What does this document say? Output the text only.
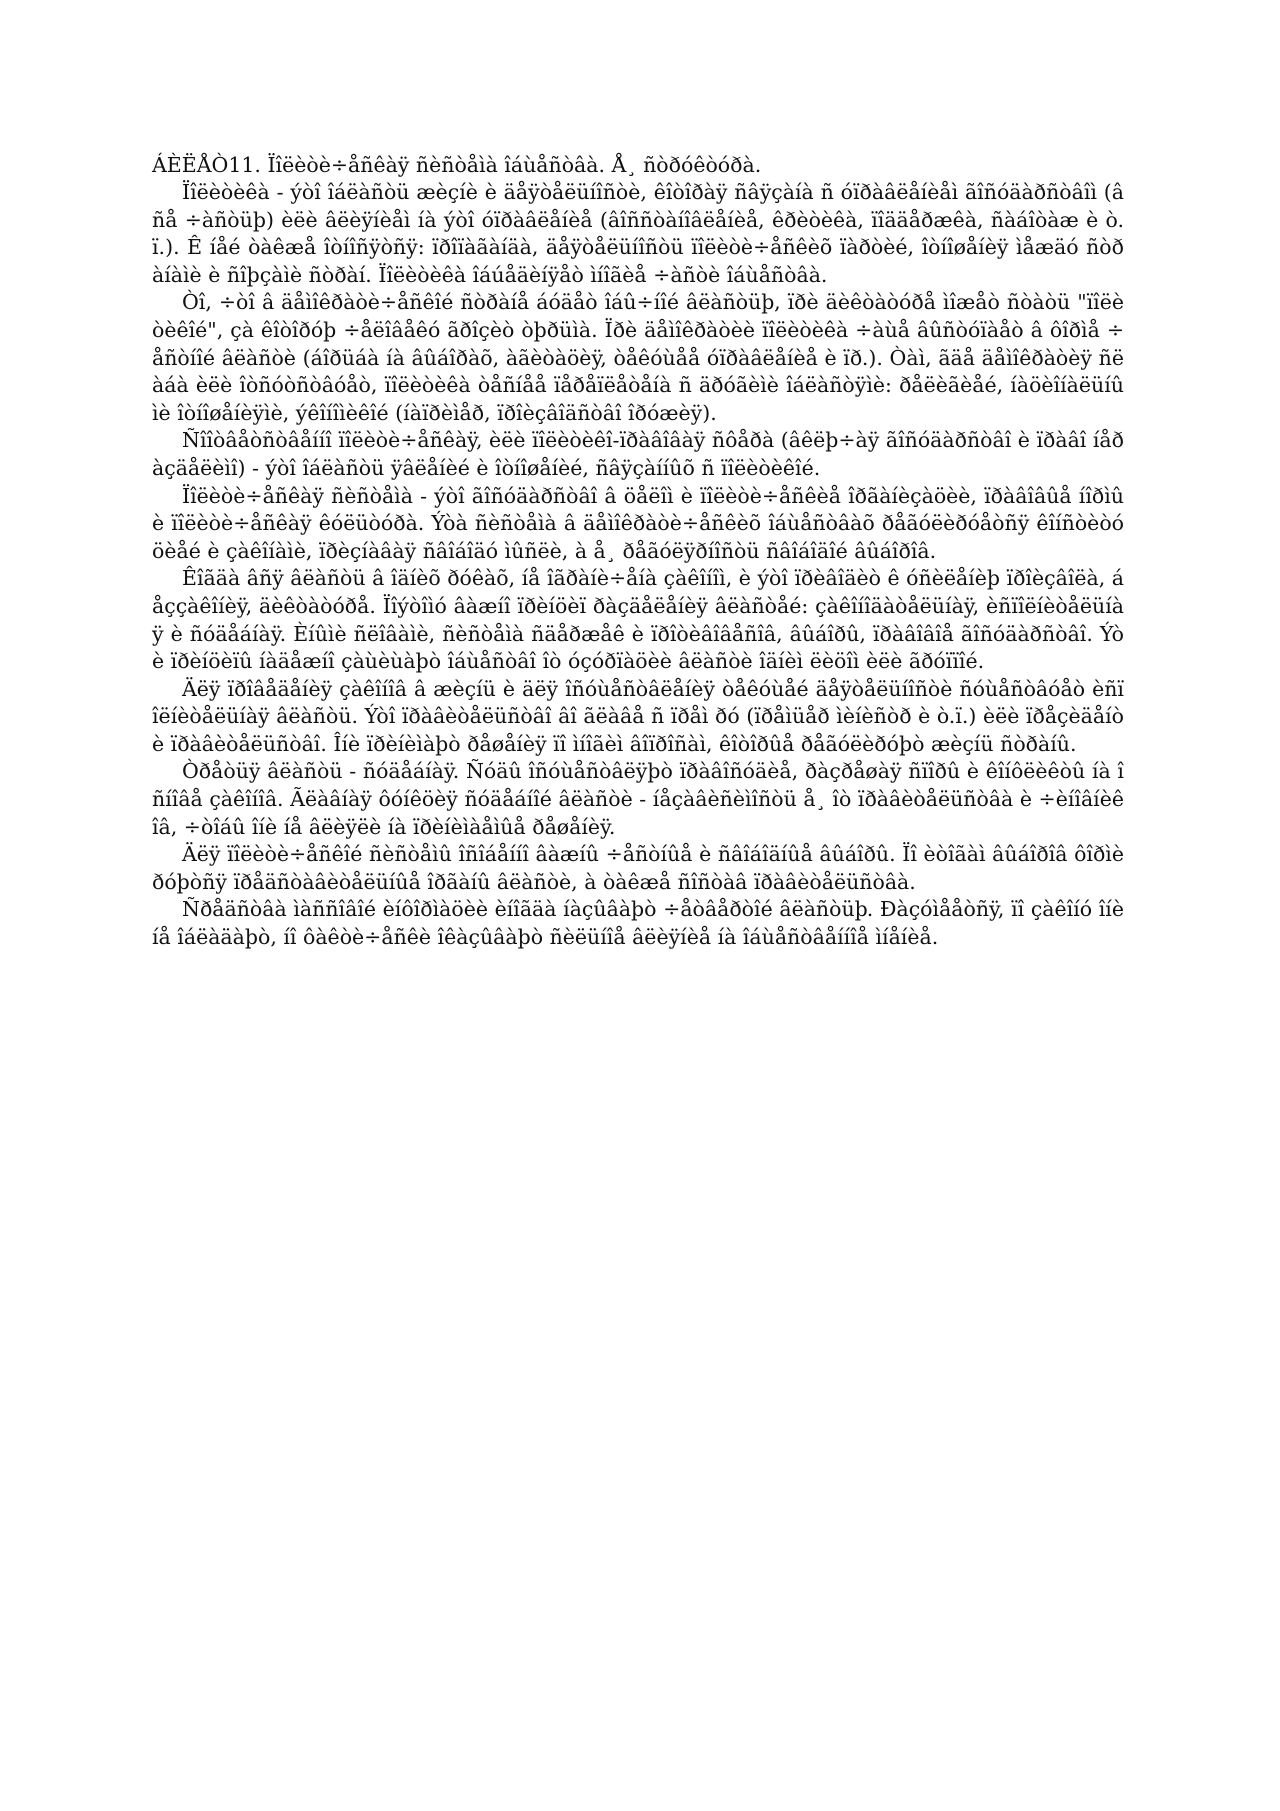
ÁÈËÅÒ11. Ïîëèòè÷åñêàÿ ñèñòåìà îáùåñòâà. Å¸ ñòðóêòóðà.

Ïîëèòèêà - ýòî îáëàñòü æèçíè è äåÿòåëüíîñòè, êîòîðàÿ ñâÿçàíà ñ óïðàâëåíèåì ãîñóäàðñòâîì (âñå ÷àñòüþ) èëè âëèÿíèåì íà ýòî óïðàâëåíèå (âîññòàíîâëåíèå, êðèòèêà, ïîääåðæêà, ñàáîòàæ è ò.ï.). Ê íåé òàêæå îòíîñÿòñÿ: ïðîïàãàíäà, äåÿòåëüíîñòü ïîëèòè÷åñêèõ ïàðòèé, îòíîøåíèÿ ìåæäó ñòðàíàìè è ñîþçàìè ñòðàí. Ïîëèòèêà îáúåäèíÿåò ìíîãèå ÷àñòè îáùåñòâà.

Òî, ÷òî â äåìîêðàòè÷åñêîé ñòðàíå áóäåò îáû÷íîé âëàñòüþ, ïðè äèêòàòóðå ìîæåò ñòàòü "ïîëèòèêîé", çà êîòîðóþ ÷åëîâåêó ãðîçèò òþðüìà. Ïðè äåìîêðàòèè ïîëèòèêà ÷àùå âûñòóïàåò â ôîðìå ÷åñòíîé âëàñòè (áîðüáà íà âûáîðàõ, àãèòàöèÿ, òåêóùåå óïðàâëåíèå è ïð.). Òàì, ãäå äåìîêðàòèÿ ñëàáà èëè îòñóòñòâóåò, ïîëèòèêà òåñíåå ïåðåïëåòåíà ñ äðóãèìè îáëàñòÿìè: ðåëèãèåé, íàöèîíàëüíûìè îòíîøåíèÿìè, ýêîíîìèêîé (íàïðèìåð, ïðîèçâîäñòâî îðóæèÿ).

Ñîîòâåòñòâåííî ïîëèòè÷åñêàÿ, èëè ïîëèòèêî-ïðàâîâàÿ ñôåðà (âêëþ÷àÿ ãîñóäàðñòâî è ïðàâî íåðàçäåëèìî) - ýòî îáëàñòü ÿâëåíèé è îòíîøåíèé, ñâÿçàííûõ ñ ïîëèòèêîé.

Ïîëèòè÷åñêàÿ ñèñòåìà - ýòî ãîñóäàðñòâî â öåëîì è ïîëèòè÷åñêèå îðãàíèçàöèè, ïðàâîâûå íîðìû è ïîëèòè÷åñêàÿ êóëüòóðà. Ýòà ñèñòåìà â äåìîêðàòè÷åñêèõ îáùåñòâàõ ðåãóëèðóåòñÿ êîíñòèòóöèåé è çàêîíàìè, ïðèçíàâàÿ ñâîáîäó ìûñëè, à å¸ ðåãóëÿðíîñòü ñâîáîäîé âûáîðîâ.

Êîãäà âñÿ âëàñòü â îäíèõ ðóêàõ, íå îãðàíè÷åíà çàêîíîì, è ýòî ïðèâîäèò ê óñèëåíèþ ïðîèçâîëà, áåççàêîíèÿ, äèêòàòóðå. Ïîýòîìó âàæíî ïðèíöèï ðàçäåëåíèÿ âëàñòåé: çàêîíîäàòåëüíàÿ, èñïîëíèòåëüíàÿ è ñóäåáíàÿ. Èíûìè ñëîâàìè, ñèñòåìà ñäåðæåê è ïðîòèâîâåñîâ, âûáîðû, ïðàâîâîå ãîñóäàðñòâî. Ýòè ïðèíöèïû íàäåæíî çàùèùàþò îáùåñòâî îò óçóðïàöèè âëàñòè îäíèì ëèöîì èëè ãðóïïîé.

Äëÿ ïðîâåäåíèÿ çàêîíîâ â æèçíü è äëÿ îñóùåñòâëåíèÿ òåêóùåé äåÿòåëüíîñòè ñóùåñòâóåò èñïîëíèòåëüíàÿ âëàñòü. Ýòî ïðàâèòåëüñòâî âî ãëàâå ñ ïðåì ðó (ïðåìüåð ìèíèñòð è ò.ï.) èëè ïðåçèäåíò è ïðàâèòåëüñòâî. Îíè ïðèíèìàþò ðåøåíèÿ ïî ìíîãèì âîïðîñàì, êîòîðûå ðåãóëèðóþò æèçíü ñòðàíû.

Òðåòüÿ âëàñòü - ñóäåáíàÿ. Ñóäû îñóùåñòâëÿþò ïðàâîñóäèå, ðàçðåøàÿ ñïîðû è êîíôëèêòû íà îñíîâå çàêîíîâ. Ãëàâíàÿ ôóíêöèÿ ñóäåáíîé âëàñòè - íåçàâèñèìîñòü å¸ îò ïðàâèòåëüñòâà è ÷èíîâíèêîâ, ÷òîáû îíè íå âëèÿëè íà ïðèíèìàåìûå ðåøåíèÿ.

Äëÿ ïîëèòè÷åñêîé ñèñòåìû îñîáåííî âàæíû ÷åñòíûå è ñâîáîäíûå âûáîðû. Ïî èòîãàì âûáîðîâ ôîðìèðóþòñÿ ïðåäñòàâèòåëüíûå îðãàíû âëàñòè, à òàêæå ñîñòàâ ïðàâèòåëüñòâà.

Ñðåäñòâà ìàññîâîé èíôîðìàöèè èíîãäà íàçûâàþò ÷åòâåðòîé âëàñòüþ. Ðàçóìååòñÿ, ïî çàêîíó îíè íå îáëàäàþò, íî ôàêòè÷åñêè îêàçûâàþò ñèëüíîå âëèÿíèå íà îáùåñòâåííîå ìíåíèå.
